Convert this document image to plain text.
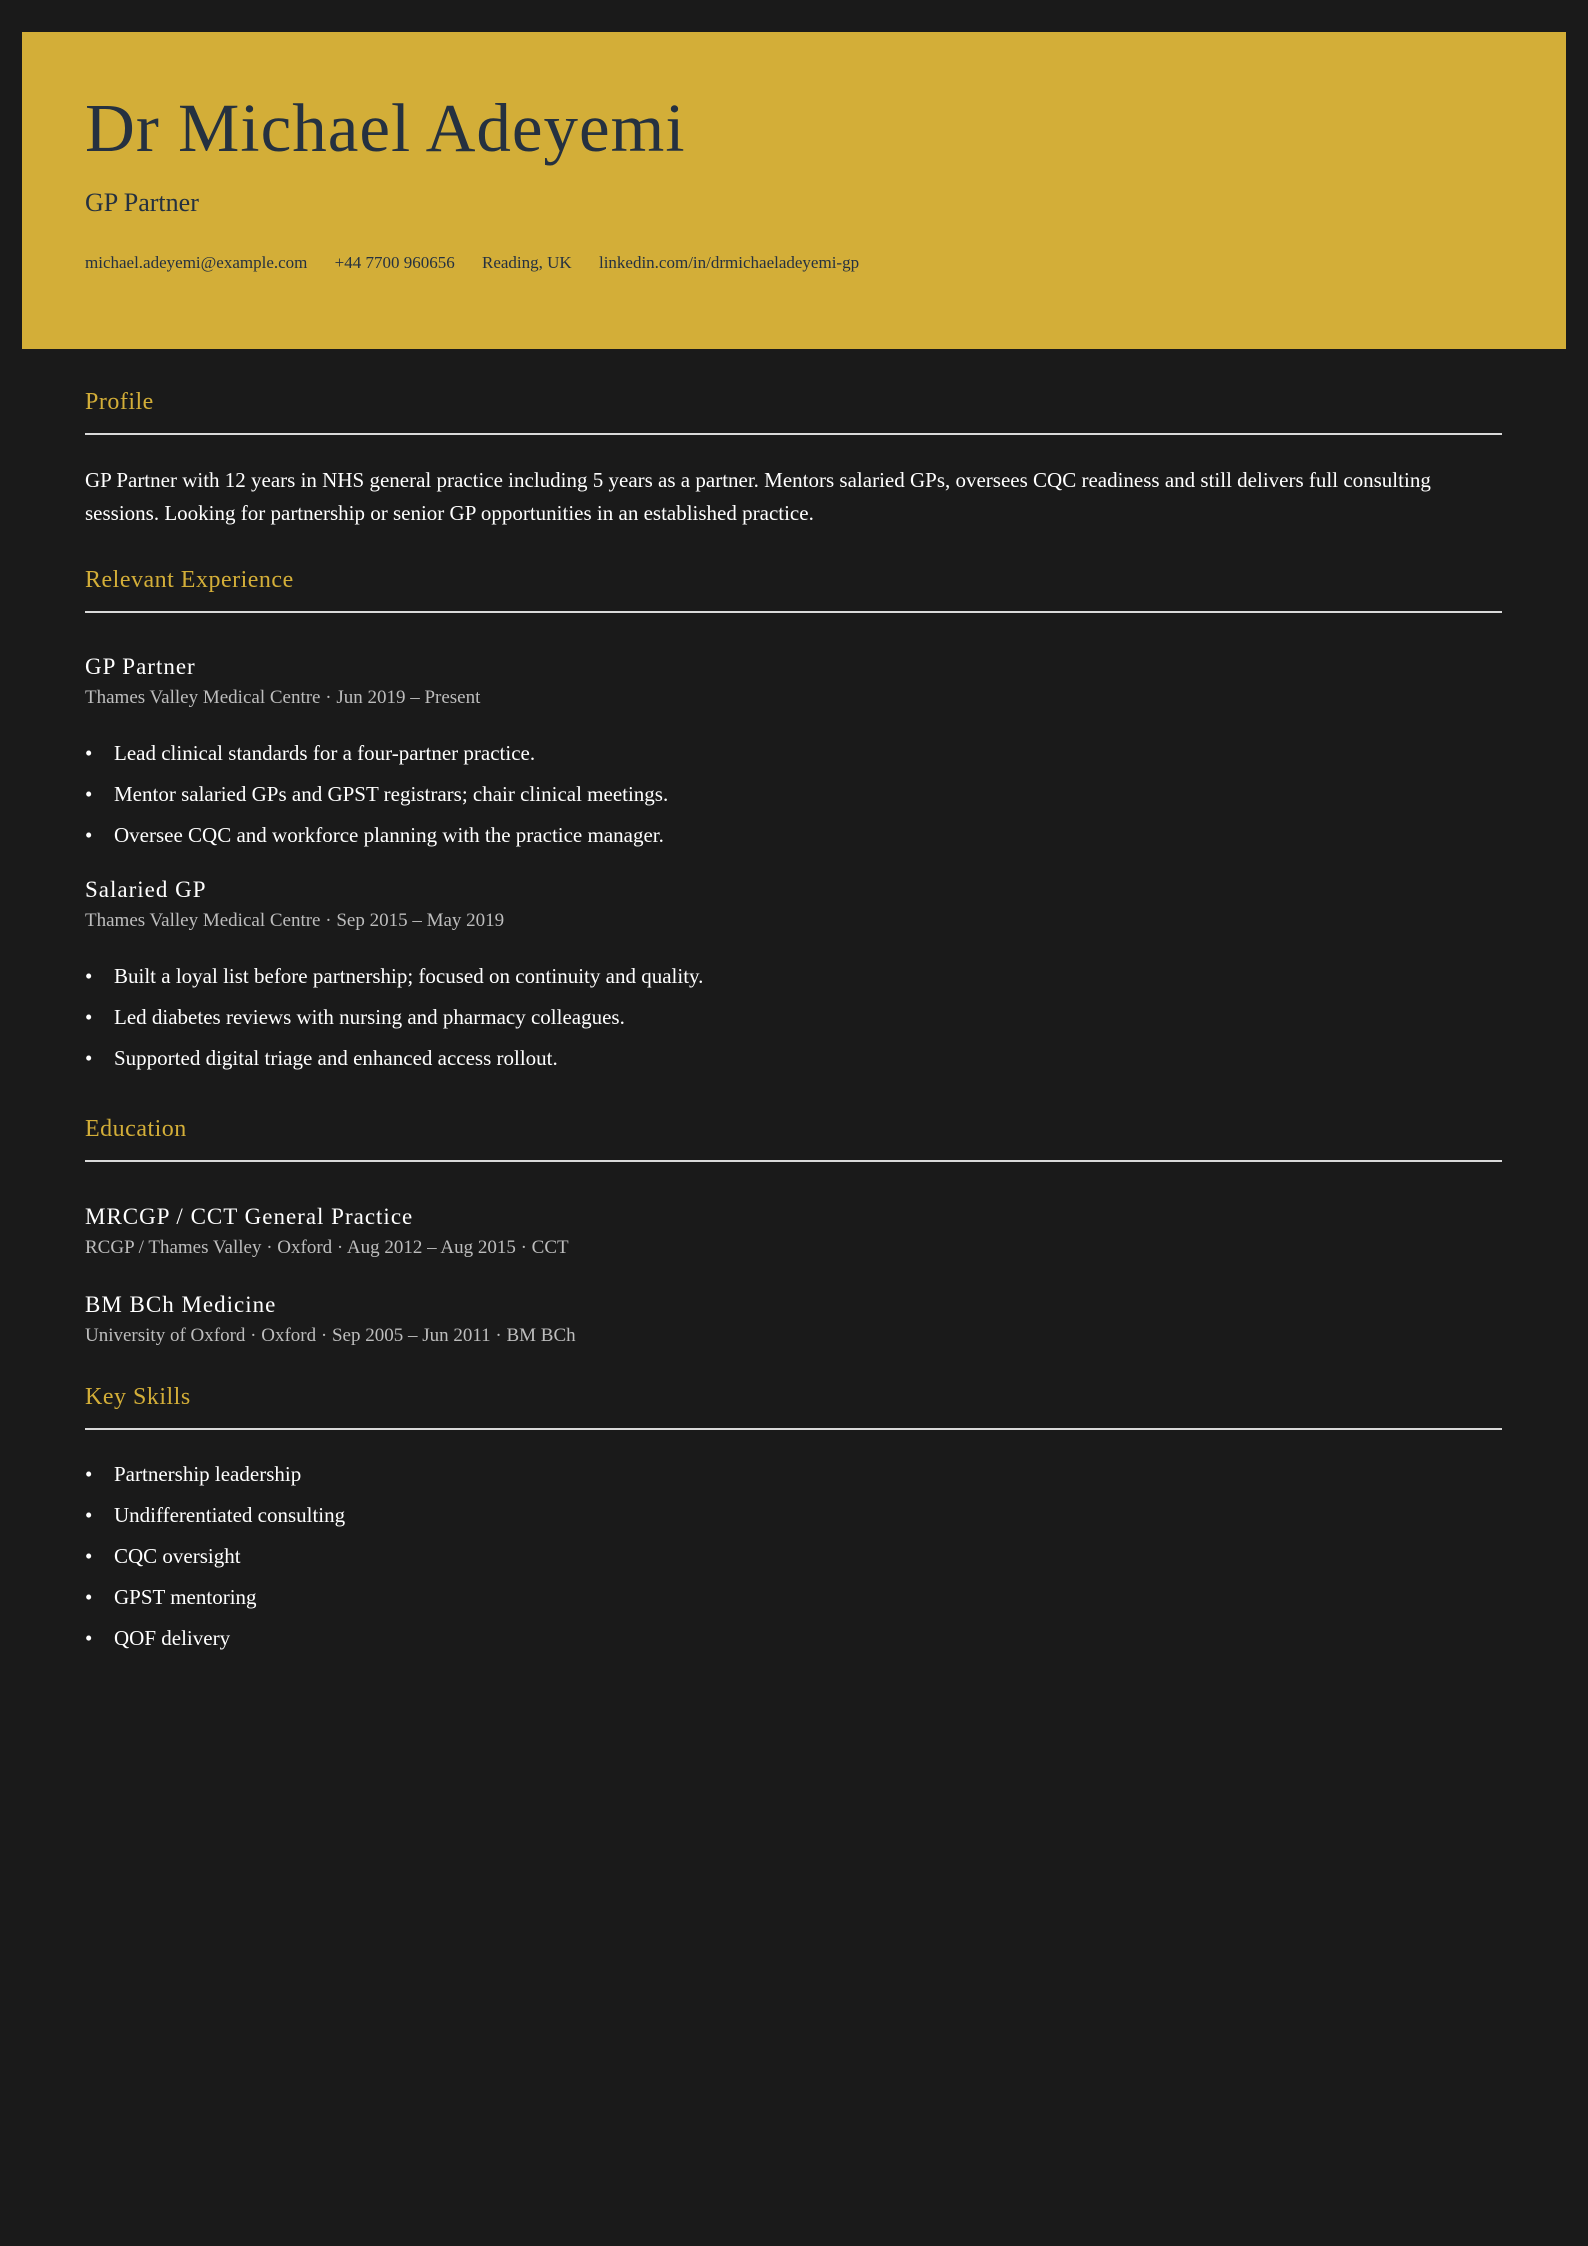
Dr Michael Adeyemi
GP Partner
michael.adeyemi@example.com +44 7700 960656 Reading, UK linkedin.com/in/drmichaeladeyemi-gp
Profile

GP Partner with 12 years in NHS general practice including 5 years as a partner. Mentors salaried GPs, oversees CQC readiness and still delivers full consulting sessions. Looking for partnership or senior GP opportunities in an established practice.

Relevant Experience
GP Partner
Thames Valley Medical Centre · Jun 2019 – Present
• Lead clinical standards for a four-partner practice.
• Mentor salaried GPs and GPST registrars; chair clinical meetings.
• Oversee CQC and workforce planning with the practice manager.
Salaried GP
Thames Valley Medical Centre · Sep 2015 – May 2019
• Built a loyal list before partnership; focused on continuity and quality.
• Led diabetes reviews with nursing and pharmacy colleagues.
• Supported digital triage and enhanced access rollout.
Education
MRCGP / CCT General Practice
RCGP / Thames Valley · Oxford · Aug 2012 – Aug 2015 · CCT
BM BCh Medicine
University of Oxford · Oxford · Sep 2005 – Jun 2011 · BM BCh
Key Skills
• Partnership leadership
• Undifferentiated consulting
• CQC oversight
• GPST mentoring
• QOF delivery
